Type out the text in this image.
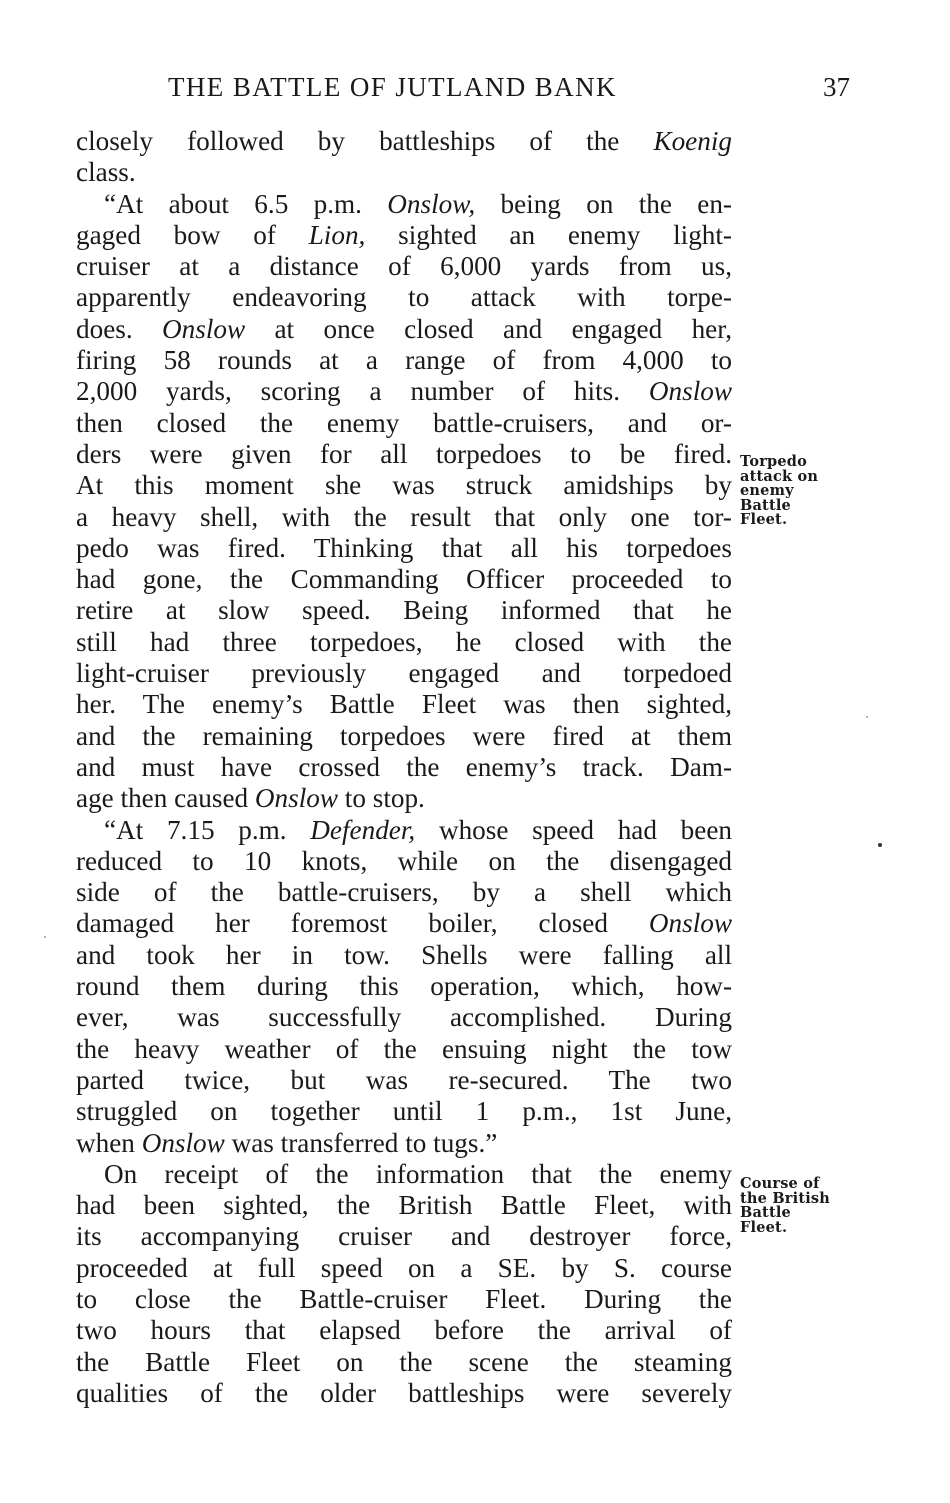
THE BATTLE OF JUTLAND BANK	37
closely followed by battleships of the Koenig
class.
“At about 6.5 p.m. Onslow, being on the en-
gaged bow of Lion, sighted an enemy light-
cruiser at a distance of 6,000 yards from us,
apparently endeavoring to attack with torpe-
does. Onslow at once closed and engaged her,
firing 58 rounds at a range of from 4,000 to
2,000 yards, scoring a number of hits. Onslow
then closed the enemy battle-cruisers, and or-
ders were given for all torpedoes to be fired.
At this moment she was struck amidships by
a heavy shell, with the result that only one tor-
pedo was fired. Thinking that all his torpedoes
had gone, the Commanding Officer proceeded to
retire at slow speed. Being informed that he
still had three torpedoes, he closed with the
light-cruiser previously engaged and torpedoed
her. The enemy’s Battle Fleet was then sighted,
and the remaining torpedoes were fired at them
and must have crossed the enemy’s track. Dam-
age then caused Onslow to stop.
“At 7.15 p.m. Defender, whose speed had been
reduced to 10 knots, while on the disengaged
side of the battle-cruisers, by a shell which
damaged her foremost boiler, closed Onslow
and took her in tow. Shells were falling all
round them during this operation, which, how-
ever, was successfully accomplished. During
the heavy weather of the ensuing night the tow
parted twice, but was re-secured. The two
struggled on together until 1 p.m., 1st June,
when Onslow was transferred to tugs.”
On receipt of the information that the enemy
had been sighted, the British Battle Fleet, with
its accompanying cruiser and destroyer force,
proceeded at full speed on a SE. by S. course
to close the Battle-cruiser Fleet. During the
two hours that elapsed before the arrival of
the Battle Fleet on the scene the steaming
qualities of the older battleships were severely
Torpedo
attack on
enemy
Battle
Fleet.
Course of
the British
Battle
Fleet.
